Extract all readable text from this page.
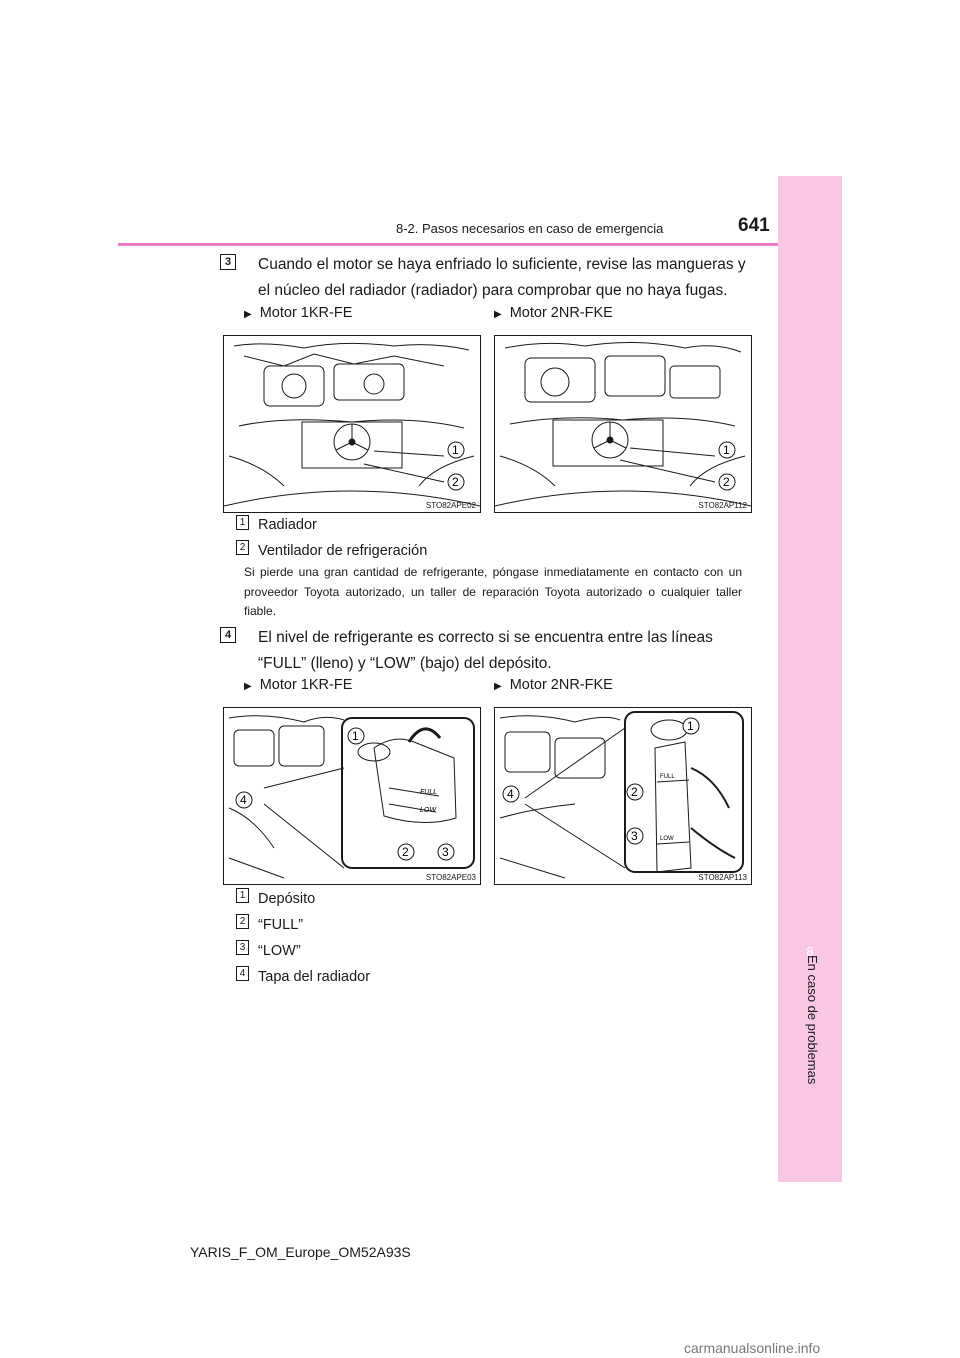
8
En caso de problemas
8-2. Pasos necesarios en caso de emergencia	641
3	Cuando el motor se haya enfriado lo suficiente, revise las mangueras y el núcleo del radiador (radiador) para comprobar que no haya fugas.
▶ Motor 1KR-FE	▶ Motor 2NR-FKE
1
2
STO82APE02
1
2
STO82AP112
1 Radiador
2 Ventilador de refrigeración
Si pierde una gran cantidad de refrigerante, póngase inmediatamente en contacto con un proveedor Toyota autorizado, un taller de reparación Toyota autorizado o cualquier taller fiable.
4	El nivel de refrigerante es correcto si se encuentra entre las líneas “FULL” (lleno) y “LOW” (bajo) del depósito.
▶ Motor 1KR-FE	▶ Motor 2NR-FKE
FULL
LOW
1
4
2	3
STO82APE03
FULL
LOW
1
2
3
4
STO82AP113
1 Depósito
2 “FULL”
3 “LOW”
4 Tapa del radiador
YARIS_F_OM_Europe_OM52A93S
carmanualsonline.info
